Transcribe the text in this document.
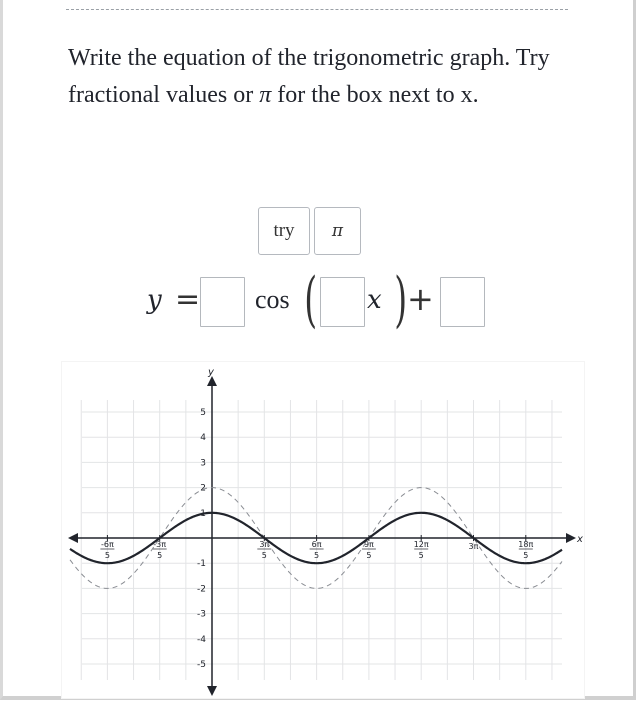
Write the equation of the trigonometric graph. Try fractional values or π for the box next to x.

try	π
y = cos ( x ) +
x
y
5
4
3
2
1
-1
-2
-3
-4
-5
-6π
5
-3π
5
3π
5
6π
5
9π
5
12π
5
3π	18π
5
